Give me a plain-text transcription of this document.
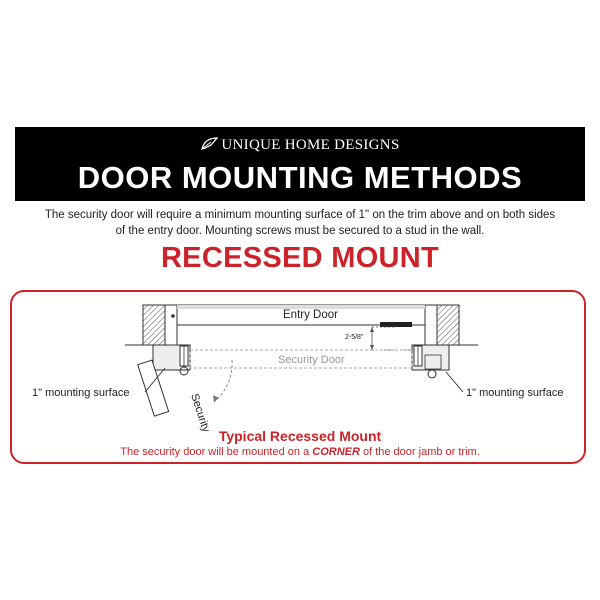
UNIQUE HOME DESIGNS
DOOR MOUNTING METHODS
The security door will require a minimum mounting surface of 1" on the trim above and on both sides
of the entry door. Mounting screws must be secured to a stud in the wall.
RECESSED MOUNT
Security
Entry Door
Security Door
2-5/8"
1" mounting surface	1" mounting surface
Typical Recessed Mount
The security door will be mounted on a CORNER of the door jamb or trim.
